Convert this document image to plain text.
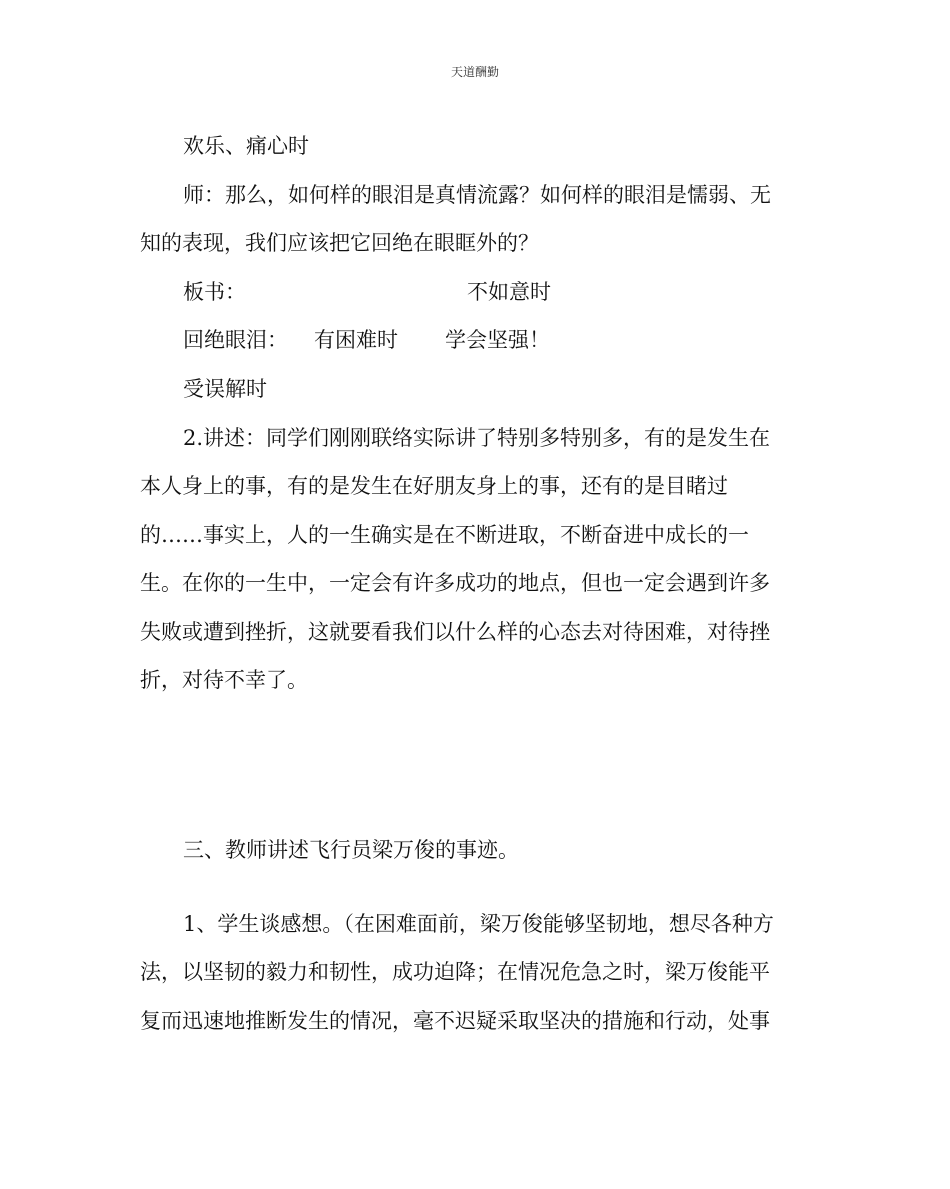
天道酬勤
欢乐、痛心时
师：那么，如何样的眼泪是真情流露？如何样的眼泪是懦弱、无
知的表现，我们应该把它回绝在眼眶外的？
板书：	不如意时
回绝眼泪： 有困难时 学会坚强！
受误解时
2.讲述：同学们刚刚联络实际讲了特别多特别多，有的是发生在
本人身上的事，有的是发生在好朋友身上的事，还有的是目睹过
的……事实上，人的一生确实是在不断进取，不断奋进中成长的一
生。在你的一生中，一定会有许多成功的地点，但也一定会遇到许多
失败或遭到挫折，这就要看我们以什么样的心态去对待困难，对待挫
折，对待不幸了。
三、教师讲述飞行员梁万俊的事迹。
1、学生谈感想。（在困难面前，梁万俊能够坚韧地，想尽各种方
法，以坚韧的毅力和韧性，成功迫降；在情况危急之时，梁万俊能平
复而迅速地推断发生的情况，毫不迟疑采取坚决的措施和行动，处事
